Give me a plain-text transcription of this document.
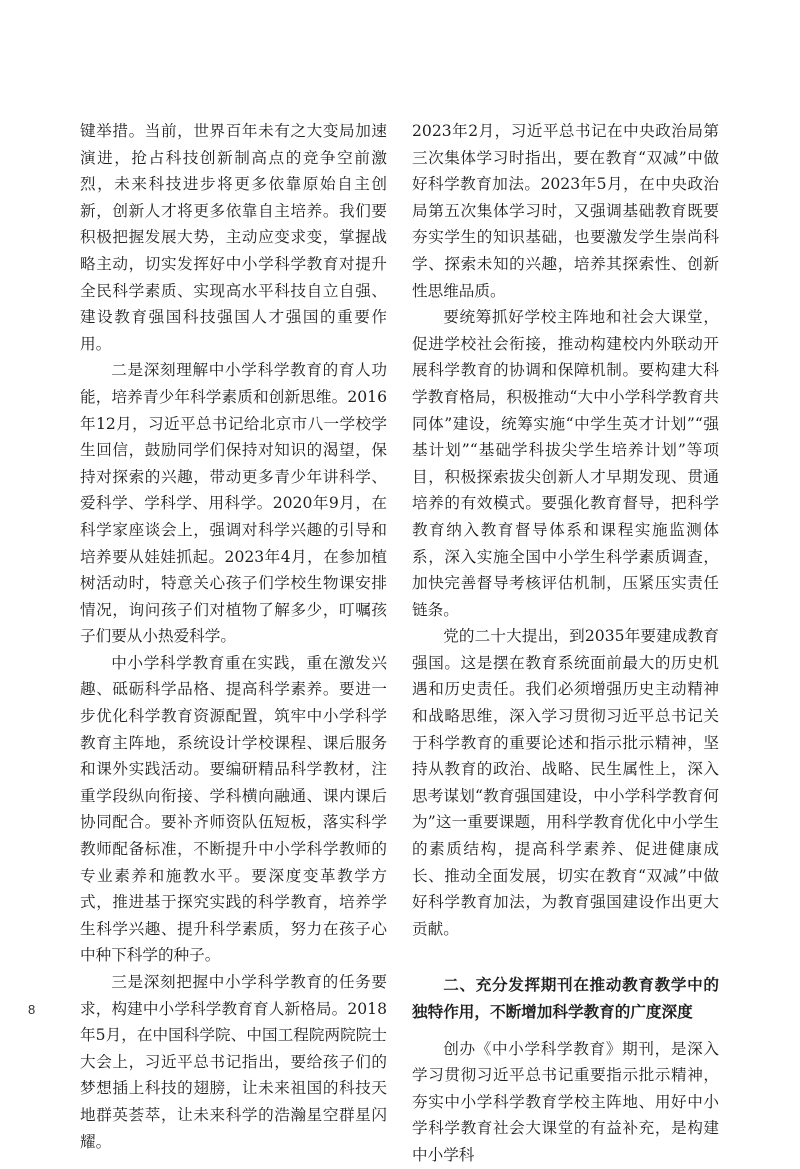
键举措。当前，世界百年未有之大变局加速演进，抢占科技创新制高点的竞争空前激烈，未来科技进步将更多依靠原始自主创新，创新人才将更多依靠自主培养。我们要积极把握发展大势，主动应变求变，掌握战略主动，切实发挥好中小学科学教育对提升全民科学素质、实现高水平科技自立自强、建设教育强国科技强国人才强国的重要作用。

二是深刻理解中小学科学教育的育人功能，培养青少年科学素质和创新思维。2016年12月，习近平总书记给北京市八一学校学生回信，鼓励同学们保持对知识的渴望，保持对探索的兴趣，带动更多青少年讲科学、爱科学、学科学、用科学。2020年9月，在科学家座谈会上，强调对科学兴趣的引导和培养要从娃娃抓起。2023年4月，在参加植树活动时，特意关心孩子们学校生物课安排情况，询问孩子们对植物了解多少，叮嘱孩子们要从小热爱科学。

中小学科学教育重在实践，重在激发兴趣、砥砺科学品格、提高科学素养。要进一步优化科学教育资源配置，筑牢中小学科学教育主阵地，系统设计学校课程、课后服务和课外实践活动。要编研精品科学教材，注重学段纵向衔接、学科横向融通、课内课后协同配合。要补齐师资队伍短板，落实科学教师配备标准，不断提升中小学科学教师的专业素养和施教水平。要深度变革教学方式，推进基于探究实践的科学教育，培养学生科学兴趣、提升科学素质，努力在孩子心中种下科学的种子。

三是深刻把握中小学科学教育的任务要求，构建中小学科学教育育人新格局。2018年5月，在中国科学院、中国工程院两院院士大会上，习近平总书记指出，要给孩子们的梦想插上科技的翅膀，让未来祖国的科技天地群英荟萃，让未来科学的浩瀚星空群星闪耀。

2023年2月，习近平总书记在中央政治局第三次集体学习时指出，要在教育“双减”中做好科学教育加法。2023年5月，在中央政治局第五次集体学习时，又强调基础教育既要夯实学生的知识基础，也要激发学生崇尚科学、探索未知的兴趣，培养其探索性、创新性思维品质。

要统筹抓好学校主阵地和社会大课堂，促进学校社会衔接，推动构建校内外联动开展科学教育的协调和保障机制。要构建大科学教育格局，积极推动“大中小学科学教育共同体”建设，统筹实施“中学生英才计划”“强基计划”“基础学科拔尖学生培养计划”等项目，积极探索拔尖创新人才早期发现、贯通培养的有效模式。要强化教育督导，把科学教育纳入教育督导体系和课程实施监测体系，深入实施全国中小学生科学素质调查，加快完善督导考核评估机制，压紧压实责任链条。

党的二十大提出，到2035年要建成教育强国。这是摆在教育系统面前最大的历史机遇和历史责任。我们必须增强历史主动精神和战略思维，深入学习贯彻习近平总书记关于科学教育的重要论述和指示批示精神，坚持从教育的政治、战略、民生属性上，深入思考谋划“教育强国建设，中小学科学教育何为”这一重要课题，用科学教育优化中小学生的素质结构，提高科学素养、促进健康成长、推动全面发展，切实在教育“双减”中做好科学教育加法，为教育强国建设作出更大贡献。

二、充分发挥期刊在推动教育教学中的独特作用，不断增加科学教育的广度深度

创办《中小学科学教育》期刊，是深入学习贯彻习近平总书记重要指示批示精神，夯实中小学科学教育学校主阵地、用好中小学科学教育社会大课堂的有益补充，是构建中小学科

8
